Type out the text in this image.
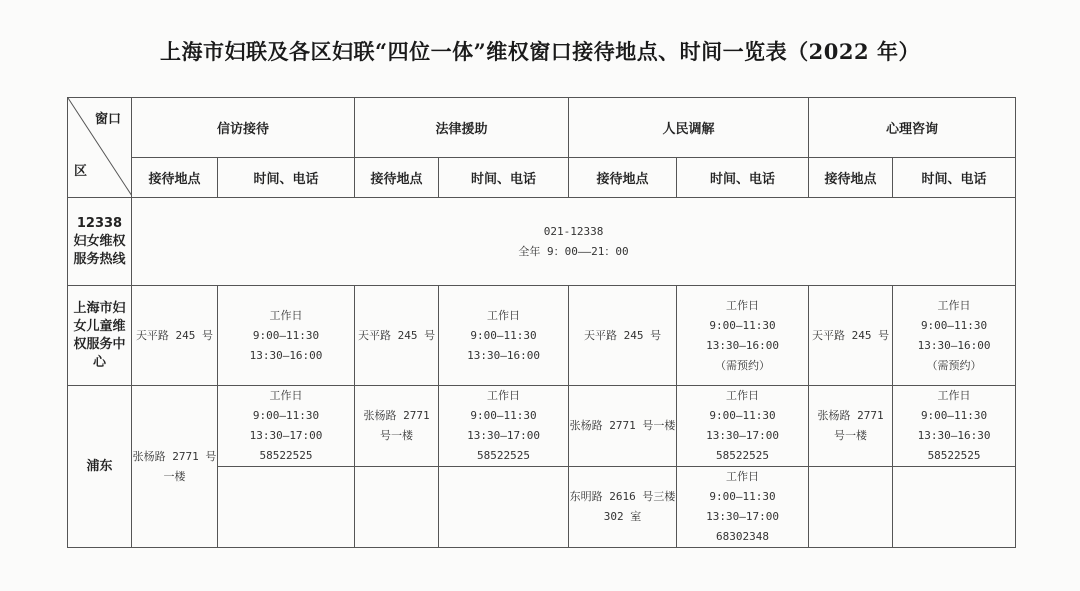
上海市妇联及各区妇联“四位一体”维权窗口接待地点、时间一览表（2022 年）
窗口
区	信访接待		法律援助		人民调解		心理咨询	
	接待地点	时间、电话	接待地点	时间、电话	接待地点	时间、电话	接待地点	时间、电话
12338 妇女维权服务热线	021-12338
全年 9：00——21：00							

上海市妇女儿童维权服务中心	天平路 245 号	工作日
9:00—11:30
13:30—16:00	天平路 245 号	工作日
9:00—11:30
13:30—16:00	天平路 245 号	工作日
9:00—11:30
13:30—16:00
（需预约）	天平路 245 号	工作日
9:00—11:30
13:30—16:00
（需预约）

浦东	张杨路 2771 号一楼	工作日
9:00—11:30
13:30—17:00
58522525	张杨路 2771 号一楼	工作日
9:00—11:30
13:30—17:00
58522525	张杨路 2771 号一楼	工作日
9:00—11:30
13:30—17:00
58522525	张杨路 2771 号一楼	工作日
9:00—11:30
13:30—16:30
58522525

					东明路 2616 号三楼 302 室	工作日
9:00—11:30
13:30—17:00
68302348		
